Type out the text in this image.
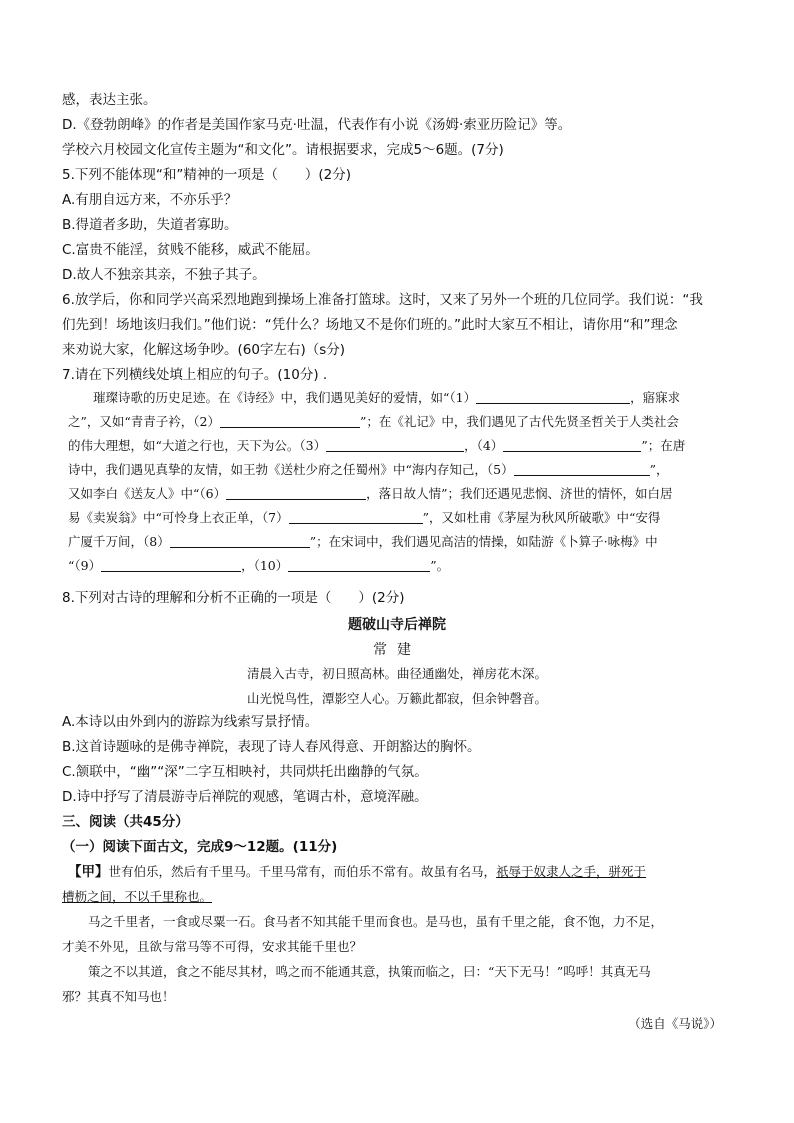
感，表达主张。
D.《登勃朗峰》的作者是美国作家马克·吐温，代表作有小说《汤姆·索亚历险记》等。
学校六月校园文化宣传主题为“和文化”。请根据要求，完成5～6题。(7分)
5.下列不能体现“和”精神的一项是（　　）(2分)
A.有朋自远方来，不亦乐乎？
B.得道者多助，失道者寡助。
C.富贵不能淫，贫贱不能移，威武不能屈。
D.故人不独亲其亲，不独子其子。
6.放学后，你和同学兴高采烈地跑到操场上准备打篮球。这时，又来了另外一个班的几位同学。我们说：“我
们先到！场地该归我们。”他们说：“凭什么？场地又不是你们班的。”此时大家互不相让，请你用“和”理念
来劝说大家，化解这场争吵。(60字左右)（s分)
7.请在下列横线处填上相应的句子。(10分) .

璀璨诗歌的历史足迹。在《诗经》中，我们遇见美好的爱情，如“（1）	，寤寐求

之”，又如“青青子衿，（2）	”；在《礼记》中，我们遇见了古代先贤圣哲关于人类社会

的伟大理想，如“大道之行也，天下为公。（3）	，（4）	”；在唐

诗中，我们遇见真挚的友情，如王勃《送杜少府之任蜀州》中“海内存知己，（5）	”，

又如李白《送友人》中“（6）	，落日故人情”；我们还遇见悲悯、济世的情怀，如白居

易《卖炭翁》中“可怜身上衣正单，（7）	”，又如杜甫《茅屋为秋风所破歌》中“安得

广厦千万间，（8）	”；在宋词中，我们遇见高洁的情操，如陆游《卜算子·咏梅》中

“（9）	，（10）	”。

8.下列对古诗的理解和分析不正确的一项是（　　）(2分)
题破山寺后禅院
常建
清晨入古寺，初日照高林。曲径通幽处，禅房花木深。
山光悦鸟性，潭影空人心。万籁此都寂，但余钟磬音。
A.本诗以由外到内的游踪为线索写景抒情。
B.这首诗题咏的是佛寺禅院，表现了诗人春风得意、开朗豁达的胸怀。
C.颔联中，“幽”“深”二字互相映衬，共同烘托出幽静的气氛。
D.诗中抒写了清晨游寺后禅院的观感，笔调古朴，意境浑融。
三、阅读（共45分）
（一）阅读下面古文，完成9～12题。(11分)
【甲】世有伯乐，然后有千里马。千里马常有，而伯乐不常有。故虽有名马，祇辱于奴隶人之手，骈死于
槽枥之间，不以千里称也。
马之千里者，一食或尽粟一石。食马者不知其能千里而食也。是马也，虽有千里之能，食不饱，力不足，
才美不外见，且欲与常马等不可得，安求其能千里也？
策之不以其道，食之不能尽其材，鸣之而不能通其意，执策而临之，曰：“天下无马！”呜呼！其真无马
邪？其真不知马也！
（选自《马说》）
